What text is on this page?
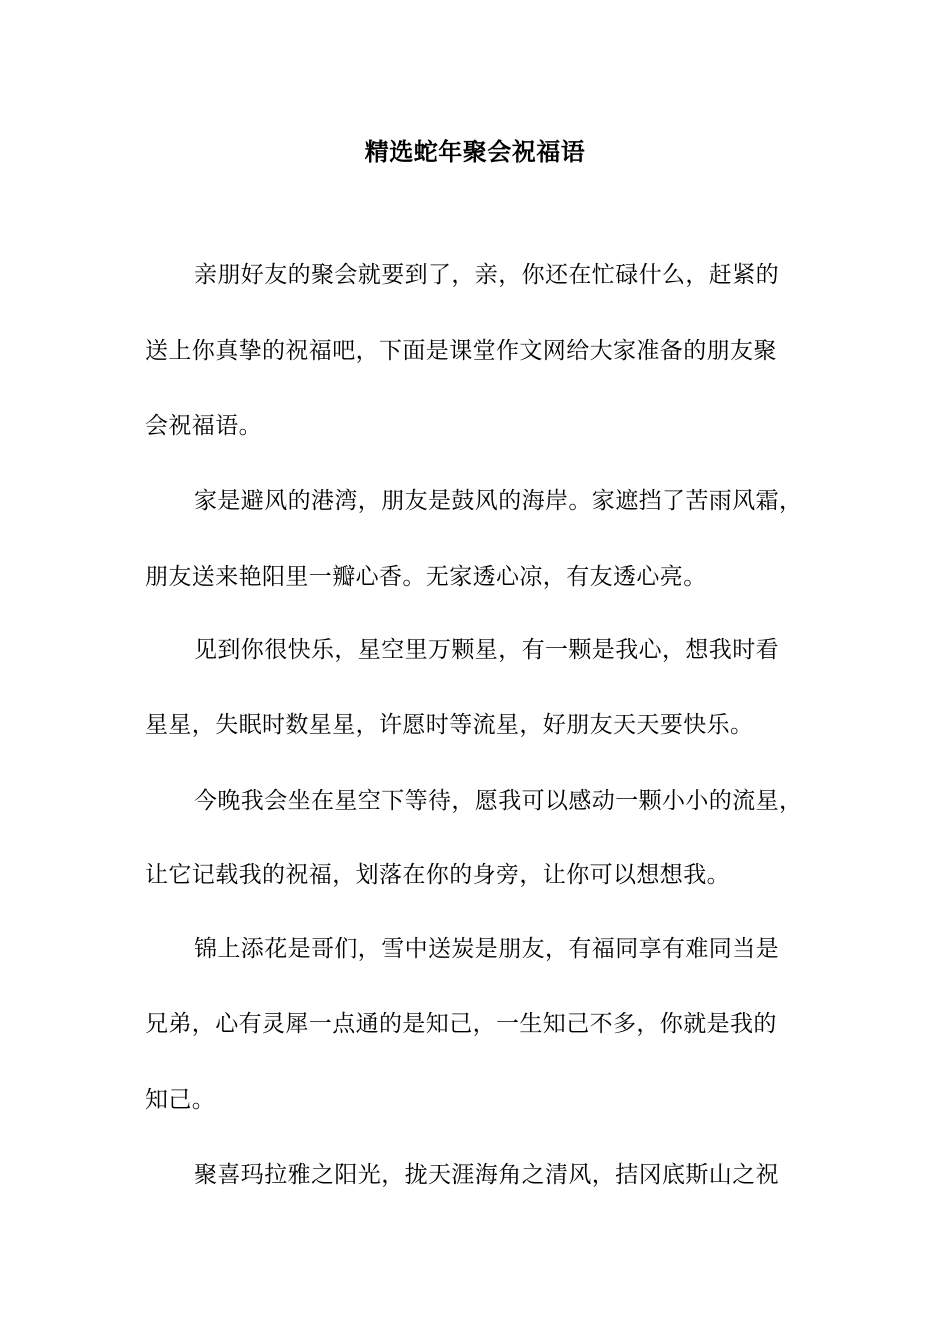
精选蛇年聚会祝福语
亲朋好友的聚会就要到了，亲，你还在忙碌什么，赶紧的
送上你真挚的祝福吧，下面是课堂作文网给大家准备的朋友聚
会祝福语。
家是避风的港湾，朋友是鼓风的海岸。家遮挡了苦雨风霜，
朋友送来艳阳里一瓣心香。无家透心凉，有友透心亮。
见到你很快乐，星空里万颗星，有一颗是我心，想我时看
星星，失眠时数星星，许愿时等流星，好朋友天天要快乐。
今晚我会坐在星空下等待，愿我可以感动一颗小小的流星，
让它记载我的祝福，划落在你的身旁，让你可以想想我。
锦上添花是哥们，雪中送炭是朋友，有福同享有难同当是
兄弟，心有灵犀一点通的是知己，一生知己不多，你就是我的
知己。
聚喜玛拉雅之阳光，拢天涯海角之清风，拮冈底斯山之祝
